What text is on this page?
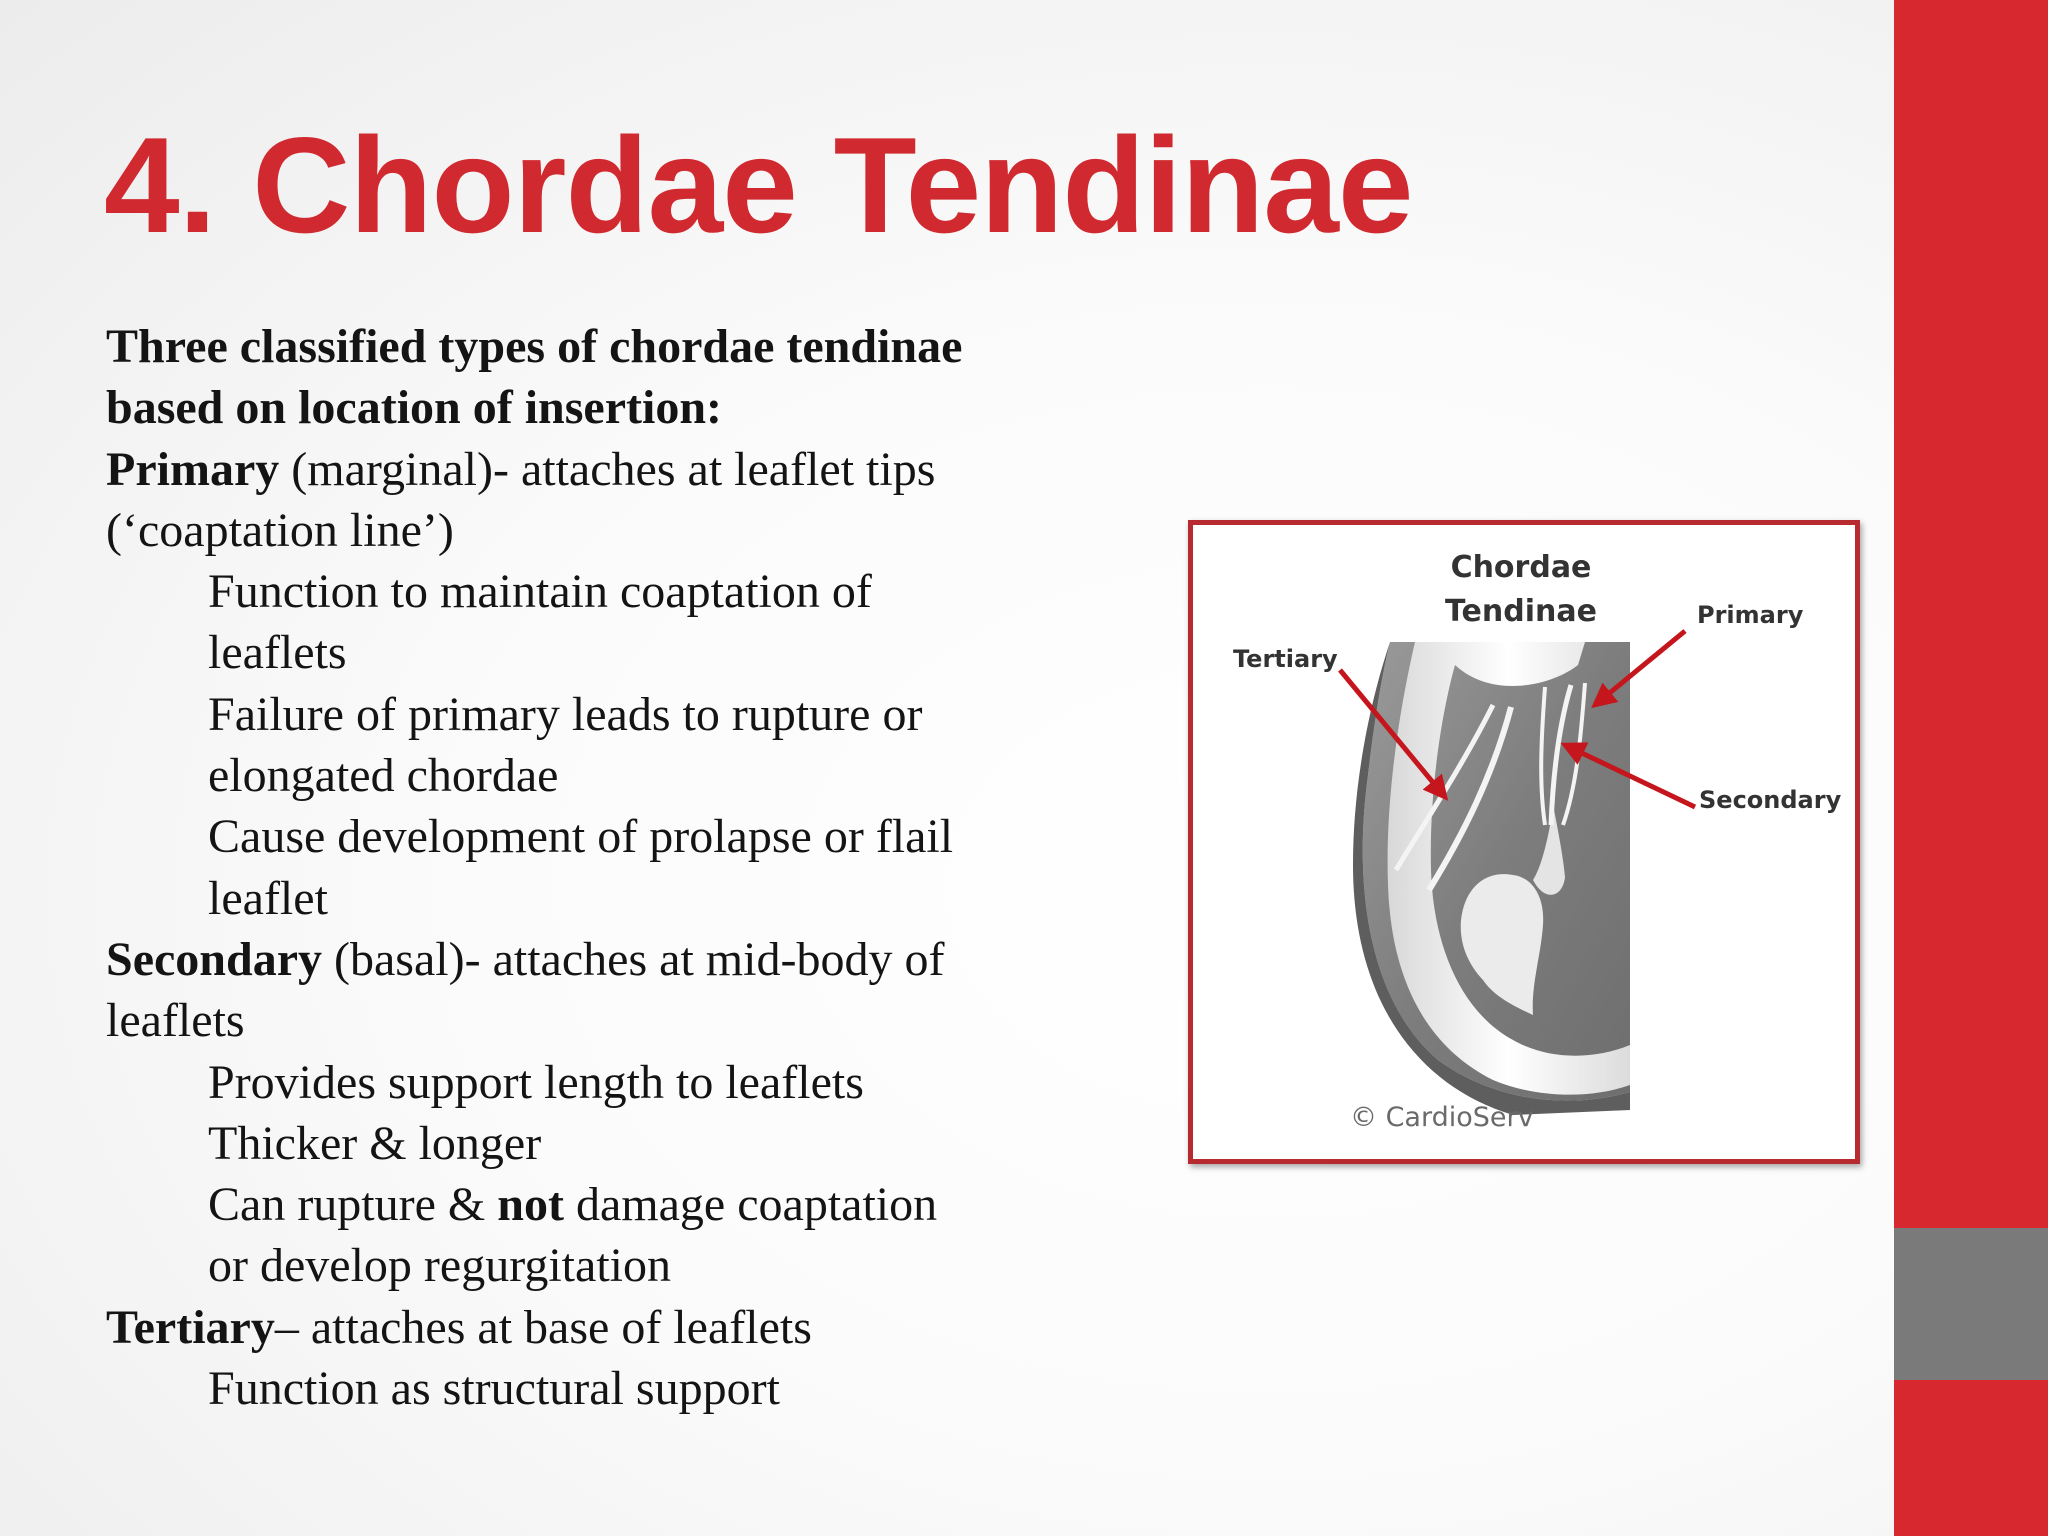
4. Chordae Tendinae

Three classified types of chordae tendinae

based on location of insertion:

Primary (marginal)- attaches at leaflet tips

(‘coaptation line’)

Function to maintain coaptation of

leaflets

Failure of primary leads to rupture or

elongated chordae

Cause development of prolapse or flail

leaflet

Secondary (basal)- attaches at mid-body of

leaflets

Provides support length to leaflets

Thicker & longer

Can rupture & not damage coaptation

or develop regurgitation

Tertiary– attaches at base of leaflets

Function as structural support

Chordae
Tendinae	Primary
Secondary
Tertiary
© CardioServ
